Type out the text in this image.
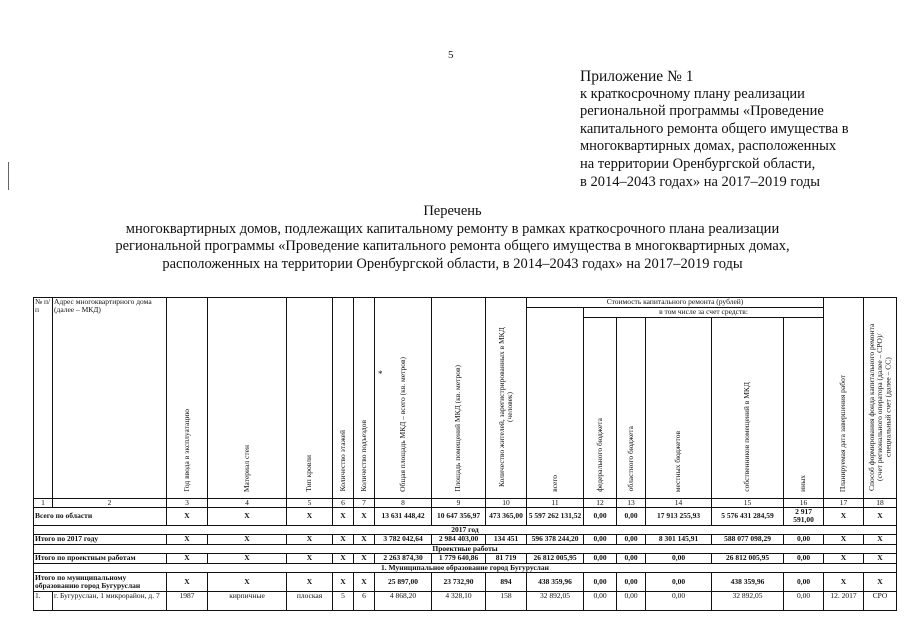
5
Приложение № 1
к краткосрочному плану реализации
региональной программы «Проведение
капитального ремонта общего имущества в
многоквартирных домах, расположенных
на территории Оренбургской области,
в 2014–2043 годах» на 2017–2019 годы
Перечень
многоквартирных домов, подлежащих капитальному ремонту в рамках краткосрочного плана реализации
региональной программы «Проведение капитального ремонта общего имущества в многоквартирных домах,
расположенных на территории Оренбургской области, в 2014–2043 годах» на 2017–2019 годы
№ п/п	Адрес многоквартирного дома (далее – МКД)	Год ввода в эксплуатацию	Материал стен	Тип кровли	Количество этажей	Количество подъездов	* Общая площадь МКД – всего (кв. метров)	Площадь помещений МКД (кв. метров)	Количество жителей, зарегистрированных в МКД (человек)	Стоимость капитального ремонта (рублей)						Планируемая дата завершения работ	Способ формирования фонда капитального ремонта (счет регионального оператора (далее – СРО)/специальный счет (далее – СС)
										всего	в том числе за счет средств:						
											федерального бюджета	областного бюджета	местных бюджетов	собственников помещений в МКД	иных		
1	2	3	4	5	6	7	8	9	10	11	12	13	14	15	16	17	18
Всего по области		X	X	X	X	X	13 631 448,42	10 647 356,97	473 365,00	5 597 262 131,52	0,00	0,00	17 913 255,93	5 576 431 284,59	2 917 591,00	X	X
2017 год																	
Итого по 2017 году		X	X	X	X	X	3 782 042,64	2 984 403,00	134 451	596 378 244,20	0,00	0,00	8 301 145,91	588 077 098,29	0,00	X	X
Проектные работы																	
Итого по проектным работам		X	X	X	X	X	2 263 874,30	1 779 640,86	81 719	26 812 005,95	0,00	0,00	0,00	26 812 005,95	0,00	X	X
1. Муниципальное образование город Бугуруслан																	
Итого по муниципальному образованию город Бугуруслан		X	X	X	X	X	25 897,00	23 732,90	894	438 359,96	0,00	0,00	0,00	438 359,96	0,00	X	X
1.	г. Бугуруслан, 1 микрорайон, д. 7	1987	кирпичные	плоская	5	6	4 868,20	4 328,10	158	32 892,05	0,00	0,00	0,00	32 892,05	0,00	12. 2017	СРО
